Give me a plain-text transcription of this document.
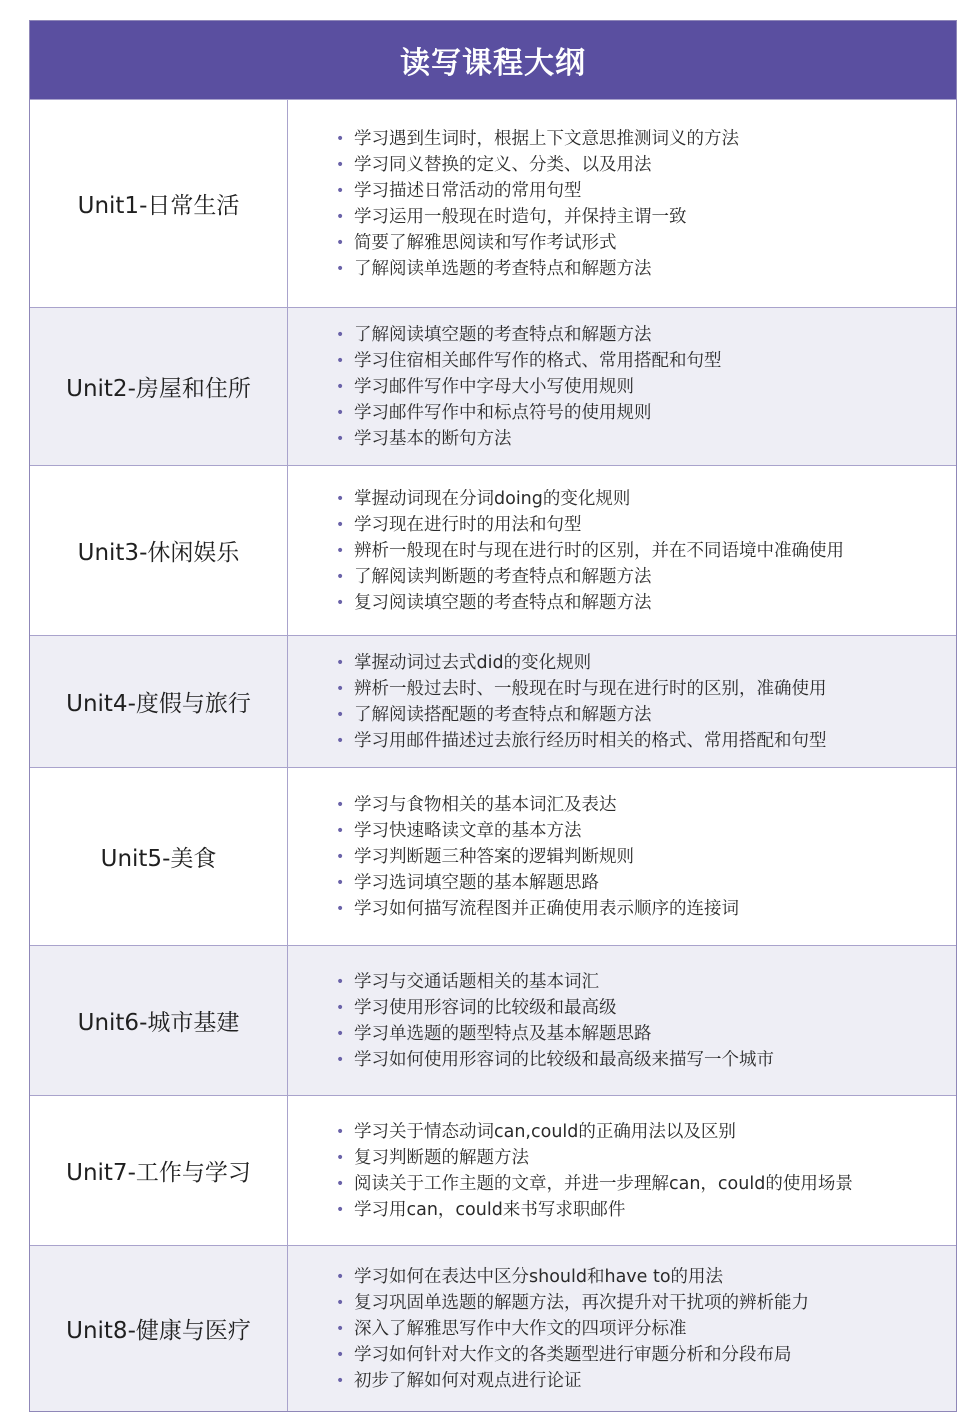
读写课程大纲
Unit1-日常生活
• 学习遇到生词时，根据上下文意思推测词义的方法
• 学习同义替换的定义、分类、以及用法
• 学习描述日常活动的常用句型
• 学习运用一般现在时造句，并保持主谓一致
• 简要了解雅思阅读和写作考试形式
• 了解阅读单选题的考查特点和解题方法
Unit2-房屋和住所
• 了解阅读填空题的考查特点和解题方法
• 学习住宿相关邮件写作的格式、常用搭配和句型
• 学习邮件写作中字母大小写使用规则
• 学习邮件写作中和标点符号的使用规则
• 学习基本的断句方法
Unit3-休闲娱乐
• 掌握动词现在分词doing的变化规则
• 学习现在进行时的用法和句型
• 辨析一般现在时与现在进行时的区别，并在不同语境中准确使用
• 了解阅读判断题的考查特点和解题方法
• 复习阅读填空题的考查特点和解题方法
Unit4-度假与旅行
• 掌握动词过去式did的变化规则
• 辨析一般过去时、一般现在时与现在进行时的区别，准确使用
• 了解阅读搭配题的考查特点和解题方法
• 学习用邮件描述过去旅行经历时相关的格式、常用搭配和句型
Unit5-美食
• 学习与食物相关的基本词汇及表达
• 学习快速略读文章的基本方法
• 学习判断题三种答案的逻辑判断规则
• 学习选词填空题的基本解题思路
• 学习如何描写流程图并正确使用表示顺序的连接词
Unit6-城市基建
• 学习与交通话题相关的基本词汇
• 学习使用形容词的比较级和最高级
• 学习单选题的题型特点及基本解题思路
• 学习如何使用形容词的比较级和最高级来描写一个城市
Unit7-工作与学习
• 学习关于情态动词can,could的正确用法以及区别
• 复习判断题的解题方法
• 阅读关于工作主题的文章，并进一步理解can，could的使用场景
• 学习用can，could来书写求职邮件
Unit8-健康与医疗
• 学习如何在表达中区分should和have to的用法
• 复习巩固单选题的解题方法，再次提升对干扰项的辨析能力
• 深入了解雅思写作中大作文的四项评分标准
• 学习如何针对大作文的各类题型进行审题分析和分段布局
• 初步了解如何对观点进行论证
